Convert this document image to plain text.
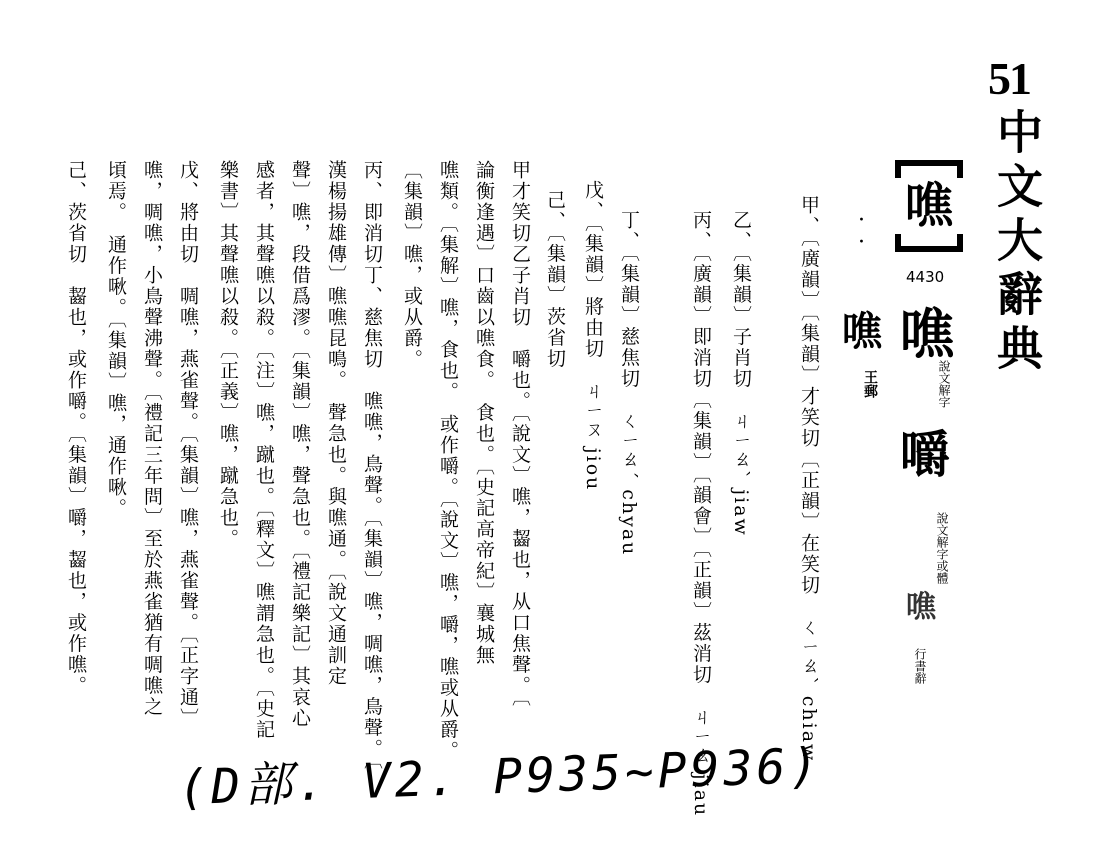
51
中文大辭典
噍
4430
噍
說文解字
嚼
說文解字或體
噍
行書辭
噍
王郵
·
·
甲、〔廣韻〕〔集韻〕才笑切〔正韻〕在笑切　ㄑㄧㄠˋ chiaw
乙、〔集韻〕子肖切　ㄐㄧㄠˋ jiaw
丙、〔廣韻〕即消切〔集韻〕〔韻會〕〔正韻〕茲消切　ㄐㄧㄠ jiau
丁、〔集韻〕慈焦切　ㄑㄧㄠˊ chyau
戊、〔集韻〕將由切　ㄐㄧㄡ jiou
己、〔集韻〕茨省切
甲才笑切乙子肖切　嚼也。〔說文〕噍，齧也，从口焦聲。〔
論衡逢遇〕口齒以噍食。　食也。〔史記高帝紀〕襄城無
噍類。〔集解〕噍，食也。　或作嚼。〔說文〕噍，嚼，噍或从爵。
〔集韻〕噍，或从爵。
丙、即消切丁、慈焦切　噍噍，鳥聲。〔集韻〕噍，啁噍，鳥聲。〔
漢楊揚雄傳〕噍噍昆鳴。　聲急也。與噍通。〔說文通訓定
聲〕噍，段借爲漻。〔集韻〕噍，聲急也。〔禮記樂記〕其哀心
感者，其聲噍以殺。〔注〕噍，蹴也。〔釋文〕噍謂急也。〔史記
樂書〕其聲噍以殺。〔正義〕噍，蹴急也。
戊、將由切　啁噍，燕雀聲。〔集韻〕噍，燕雀聲。〔正字通〕
噍，啁噍，小鳥聲沸聲。〔禮記三年問〕至於燕雀猶有啁噍之
頃焉。　通作啾。〔集韻〕噍，通作啾。
己、茨省切　齧也，或作嚼。〔集韻〕嚼，齧也，或作噍。
(D部. V2. P935~P936)
